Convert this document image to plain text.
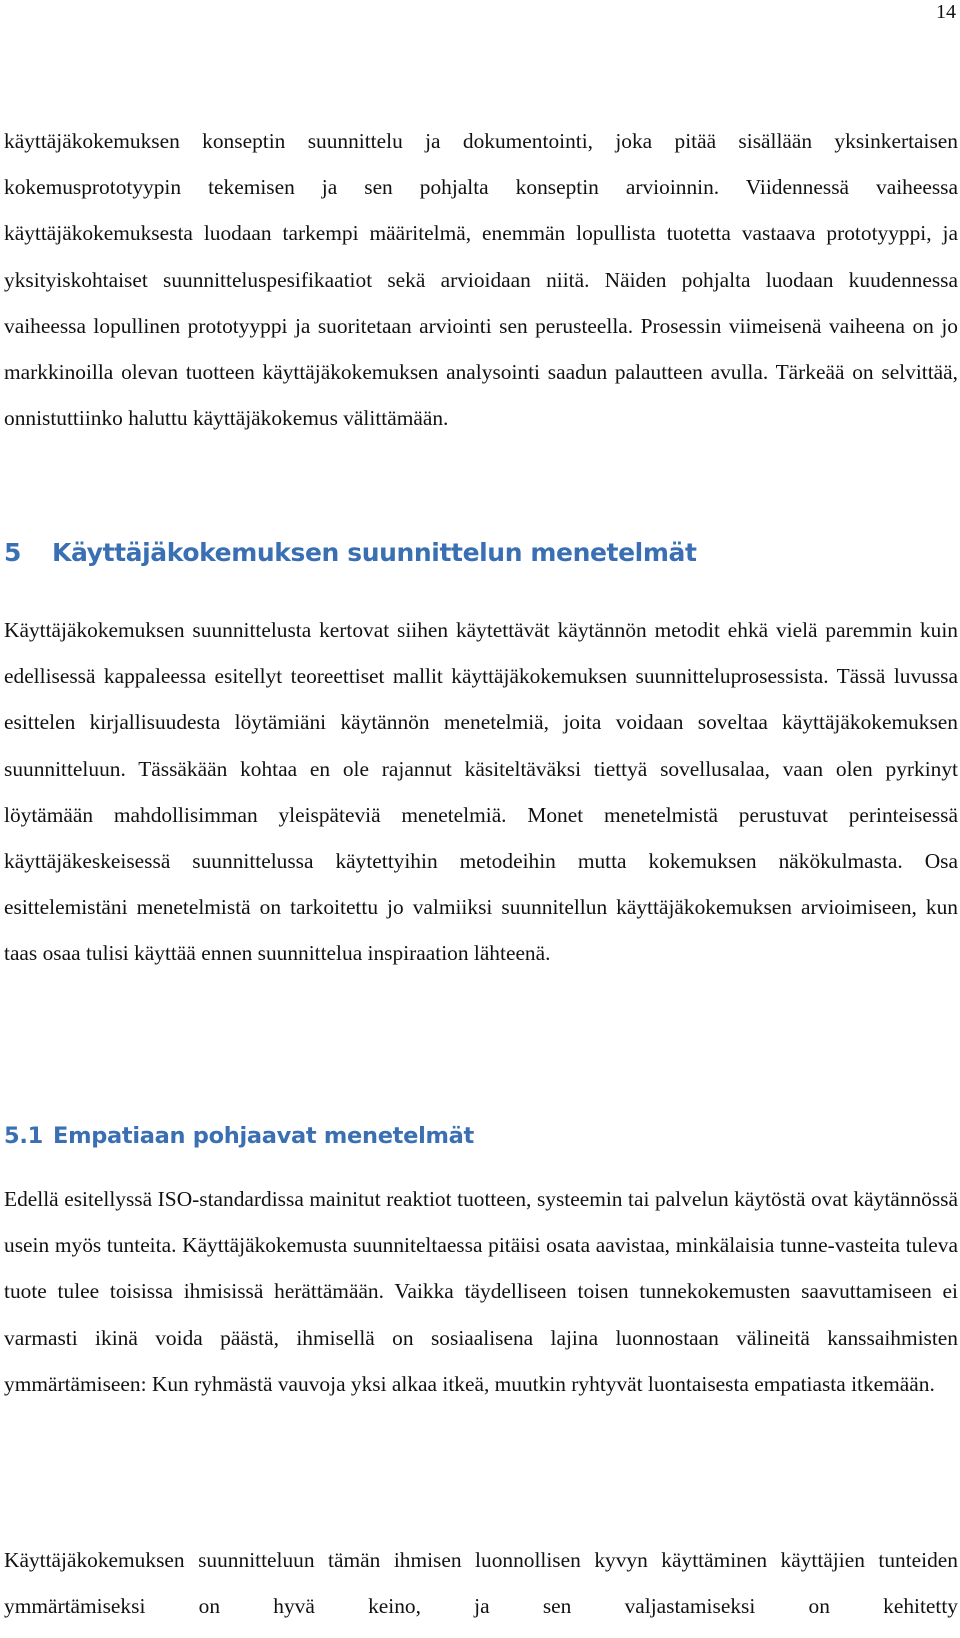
14

käyttäjäkokemuksen konseptin suunnittelu ja dokumentointi, joka pitää sisällään yksinkertaisen kokemusprototyypin tekemisen ja sen pohjalta konseptin arvioinnin. Viidennessä vaiheessa käyttäjäkokemuksesta luodaan tarkempi määritelmä, enemmän lopullista tuotetta vastaava prototyyppi, ja yksityiskohtaiset suunnitteluspesifikaatiot sekä arvioidaan niitä. Näiden pohjalta luodaan kuudennessa vaiheessa lopullinen prototyyppi ja suoritetaan arviointi sen perusteella. Prosessin viimeisenä vaiheena on jo markkinoilla olevan tuotteen käyttäjäkokemuksen analysointi saadun palautteen avulla. Tärkeää on selvittää, onnistuttiinko haluttu käyttäjäkokemus välittämään.

5 Käyttäjäkokemuksen suunnittelun menetelmät

Käyttäjäkokemuksen suunnittelusta kertovat siihen käytettävät käytännön metodit ehkä vielä paremmin kuin edellisessä kappaleessa esitellyt teoreettiset mallit käyttäjäkokemuksen suunnitteluprosessista. Tässä luvussa esittelen kirjallisuudesta löytämiäni käytännön menetelmiä, joita voidaan soveltaa käyttäjäkokemuksen suunnitteluun. Tässäkään kohtaa en ole rajannut käsiteltäväksi tiettyä sovellusalaa, vaan olen pyrkinyt löytämään mahdollisimman yleispäteviä menetelmiä. Monet menetelmistä perustuvat perinteisessä käyttäjäkeskeisessä suunnittelussa käytettyihin metodeihin mutta kokemuksen näkökulmasta. Osa esittelemistäni menetelmistä on tarkoitettu jo valmiiksi suunnitellun käyttäjäkokemuksen arvioimiseen, kun taas osaa tulisi käyttää ennen suunnittelua inspiraation lähteenä.

5.1 Empatiaan pohjaavat menetelmät

Edellä esitellyssä ISO-standardissa mainitut reaktiot tuotteen, systeemin tai palvelun käytöstä ovat käytännössä usein myös tunteita. Käyttäjäkokemusta suunniteltaessa pitäisi osata aavistaa, minkälaisia tunne-vasteita tuleva tuote tulee toisissa ihmisissä herättämään. Vaikka täydelliseen toisen tunnekokemusten saavuttamiseen ei varmasti ikinä voida päästä, ihmisellä on sosiaalisena lajina luonnostaan välineitä kanssaihmisten ymmärtämiseen: Kun ryhmästä vauvoja yksi alkaa itkeä, muutkin ryhtyvät luontaisesta empatiasta itkemään.

Käyttäjäkokemuksen suunnitteluun tämän ihmisen luonnollisen kyvyn käyttäminen käyttäjien tunteiden ymmärtämiseksi on hyvä keino, ja sen valjastamiseksi on kehitetty
